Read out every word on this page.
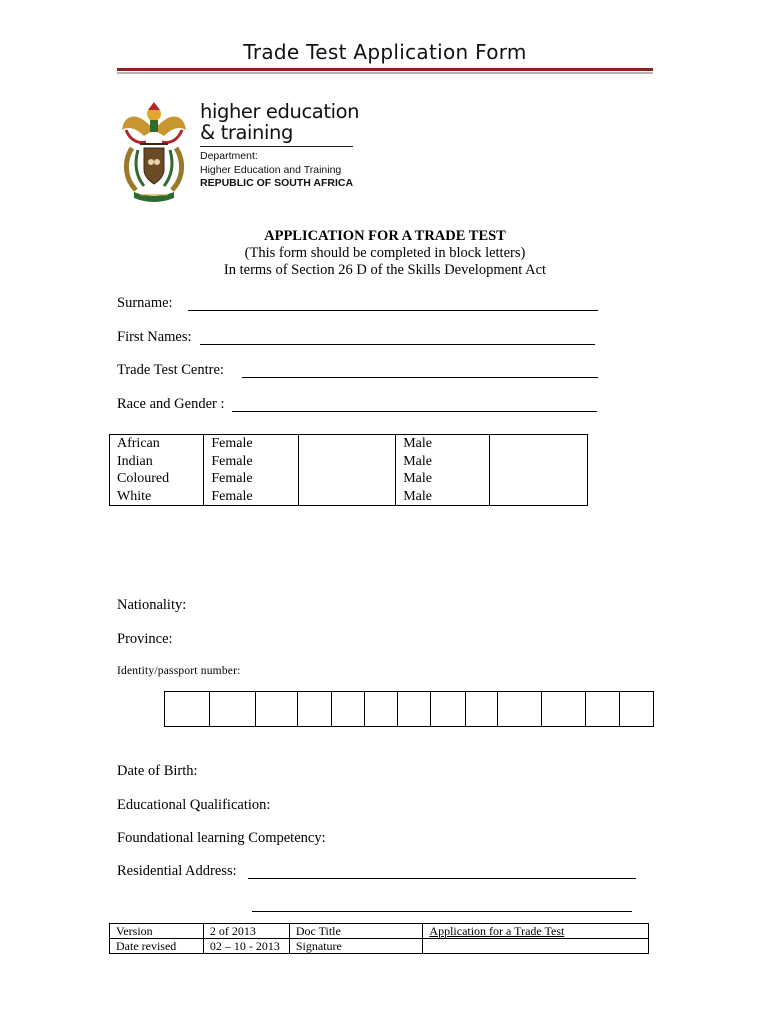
Trade Test Application Form
higher education
& training
Department:
Higher Education and Training
REPUBLIC OF SOUTH AFRICA
APPLICATION FOR A TRADE TEST
(This form should be completed in block letters)
In terms of Section 26 D of the Skills Development Act
Surname:
First Names:
Trade Test Centre:
Race and Gender :
African	Female		Male	
Indian	Female		Male	
Coloured	Female		Male	
White	Female		Male	
Nationality:
Province:
Identity/passport number:

Date of Birth:
Educational Qualification:
Foundational learning Competency:
Residential Address:
Version	2 of 2013	Doc Title	Application for a Trade Test
Date revised	02 – 10 - 2013	Signature	
